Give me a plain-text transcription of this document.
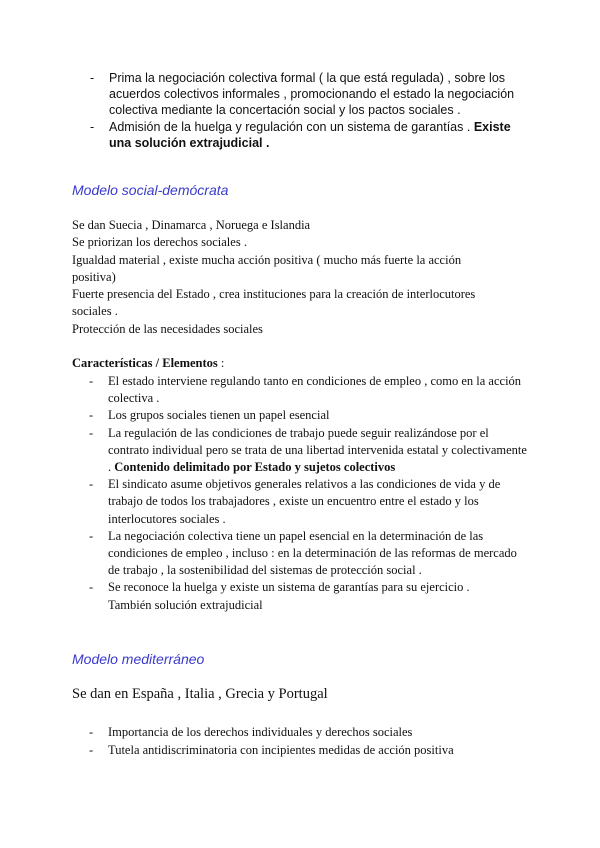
- Prima la negociación colectiva formal ( la que está regulada) , sobre los acuerdos colectivos informales , promocionando el estado la negociación colectiva mediante la concertación social y los pactos sociales .
- Admisión de la huelga y regulación con un sistema de garantías . Existe una solución extrajudicial .
Modelo social-demócrata
Se dan Suecia , Dinamarca , Noruega e Islandia
Se priorizan los derechos sociales .
Igualdad material , existe mucha acción positiva ( mucho más fuerte la acción positiva)
Fuerte presencia del Estado , crea instituciones para la creación de interlocutores sociales .
Protección de las necesidades sociales
Características / Elementos :
- El estado interviene regulando tanto en condiciones de empleo , como en la acción colectiva .
- Los grupos sociales tienen un papel esencial
- La regulación de las condiciones de trabajo puede seguir realizándose por el contrato individual pero se trata de una libertad intervenida estatal y colectivamente . Contenido delimitado por Estado y sujetos colectivos
- El sindicato asume objetivos generales relativos a las condiciones de vida y de trabajo de todos los trabajadores , existe un encuentro entre el estado y los interlocutores sociales .
- La negociación colectiva tiene un papel esencial en la determinación de las condiciones de empleo , incluso : en la determinación de las reformas de mercado de trabajo , la sostenibilidad del sistemas de protección social .
- Se reconoce la huelga y existe un sistema de garantías para su ejercicio . También solución extrajudicial
Modelo mediterráneo
Se dan en España , Italia , Grecia y Portugal
- Importancia de los derechos individuales y derechos sociales
- Tutela antidiscriminatoria con incipientes medidas de acción positiva
